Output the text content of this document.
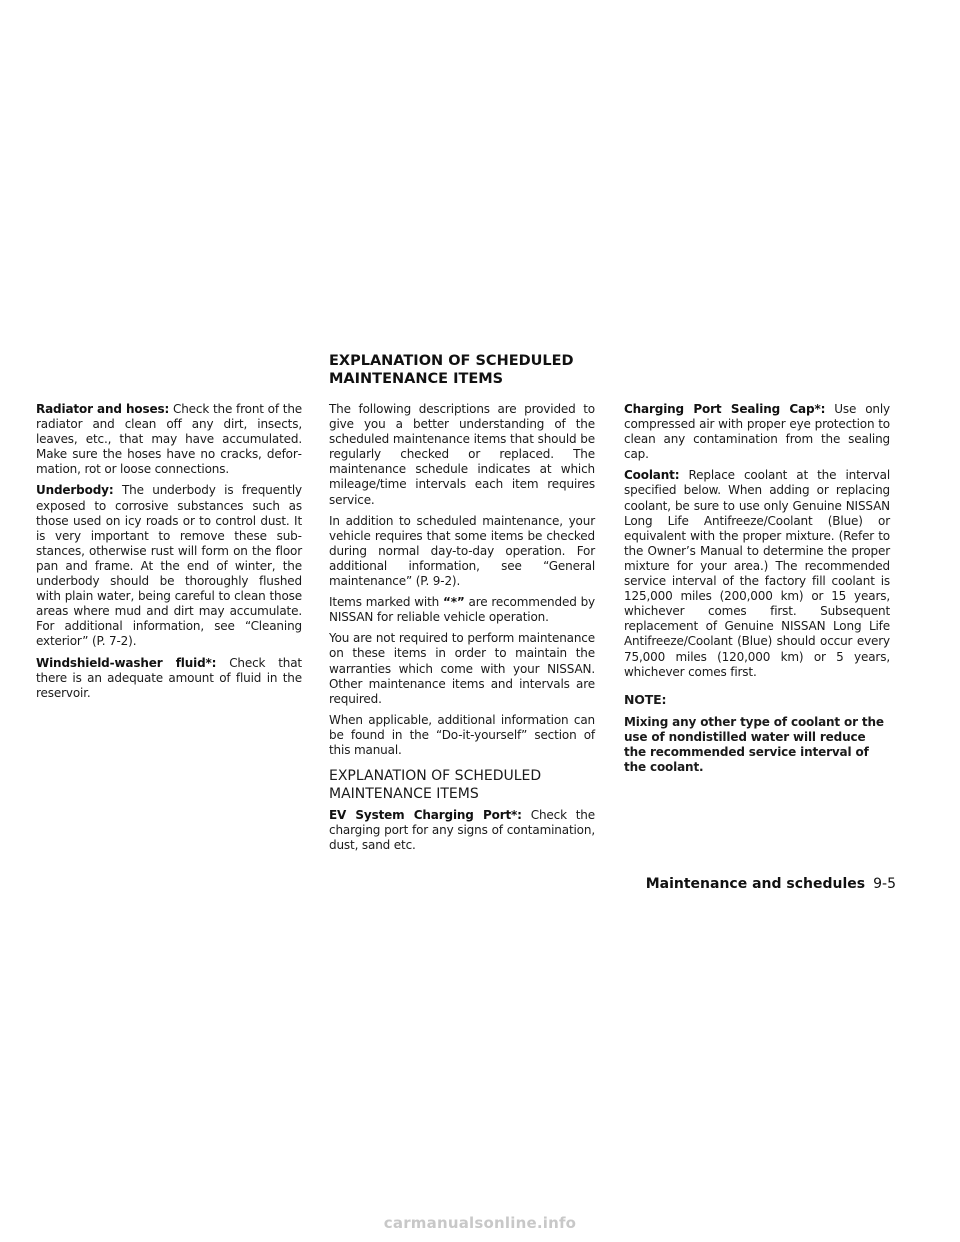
EXPLANATION OF SCHEDULED
MAINTENANCE ITEMS

Radiator and hoses: Check the front of the radiator and clean off any dirt, insects, leaves, etc., that may have accumulated. Make sure the hoses have no cracks, deformation, rot or loose connections.

Underbody: The underbody is frequently exposed to corrosive substances such as those used on icy roads or to control dust. It is very important to remove these substances, otherwise rust will form on the floor pan and frame. At the end of winter, the underbody should be thoroughly flushed with plain water, being careful to clean those areas where mud and dirt may accumulate. For additional information, see “Cleaning exterior” (P. 7-2).

Windshield-washer fluid*: Check that there is an adequate amount of fluid in the reservoir.

The following descriptions are provided to give you a better understanding of the scheduled maintenance items that should be regularly checked or replaced. The maintenance schedule indicates at which mileage/time intervals each item requires service.

In addition to scheduled maintenance, your vehicle requires that some items be checked during normal day-to-day operation. For additional information, see “General maintenance” (P. 9-2).

Items marked with “*” are recommended by NISSAN for reliable vehicle operation.

You are not required to perform maintenance on these items in order to maintain the warranties which come with your NISSAN. Other maintenance items and intervals are required.

When applicable, additional information can be found in the “Do-it-yourself” section of this manual.

EXPLANATION OF SCHEDULED
MAINTENANCE ITEMS

EV System Charging Port*: Check the charging port for any signs of contamination, dust, sand etc.

Charging Port Sealing Cap*: Use only compressed air with proper eye protection to clean any contamination from the sealing cap.

Coolant: Replace coolant at the interval specified below. When adding or replacing coolant, be sure to use only Genuine NISSAN Long Life Antifreeze/Coolant (Blue) or equivalent with the proper mixture. (Refer to the Owner’s Manual to determine the proper mixture for your area.) The recommended service interval of the factory fill coolant is 125,000 miles (200,000 km) or 15 years, whichever comes first. Subsequent replacement of Genuine NISSAN Long Life Antifreeze/Coolant (Blue) should occur every 75,000 miles (120,000 km) or 5 years, whichever comes first.

NOTE:

Mixing any other type of coolant or the use of nondistilled water will reduce the recommended service interval of the coolant.

Maintenance and schedules 9-5
carmanualsonline.info
